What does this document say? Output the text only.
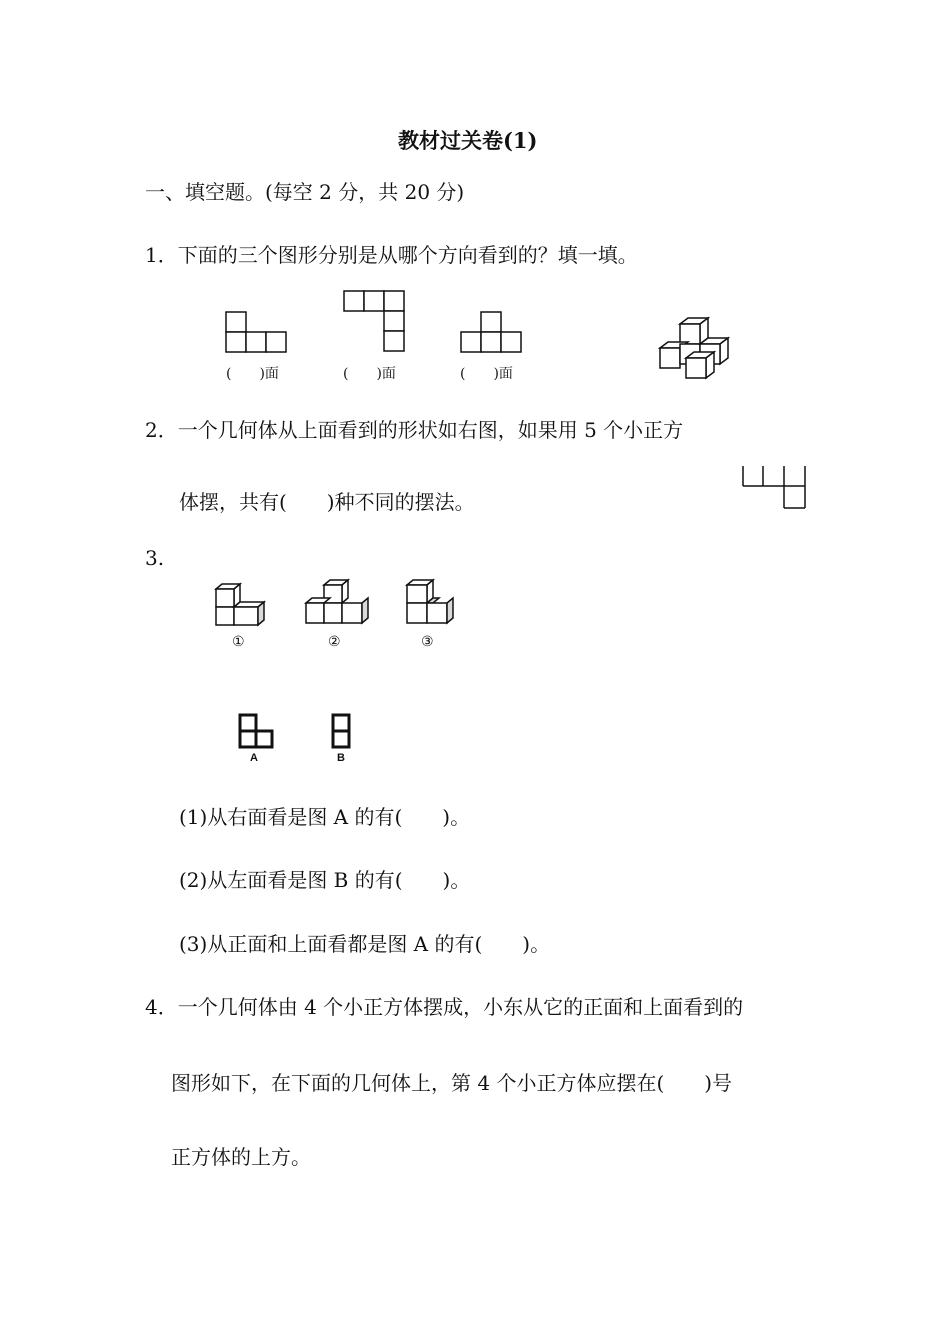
教材过关卷(1)
一、填空题。(每空 2 分，共 20 分)
1．下面的三个图形分别是从哪个方向看到的？填一填。
(　　)面	(　　)面	(　　)面
2．一个几何体从上面看到的形状如右图，如果用 5 个小正方
体摆，共有(　　)种不同的摆法。
3.
①	②	③
A	B
(1)从右面看是图 A 的有(　　)。
(2)从左面看是图 B 的有(　　)。
(3)从正面和上面看都是图 A 的有(　　)。
4．一个几何体由 4 个小正方体摆成，小东从它的正面和上面看到的
图形如下，在下面的几何体上，第 4 个小正方体应摆在(　　)号
正方体的上方。
